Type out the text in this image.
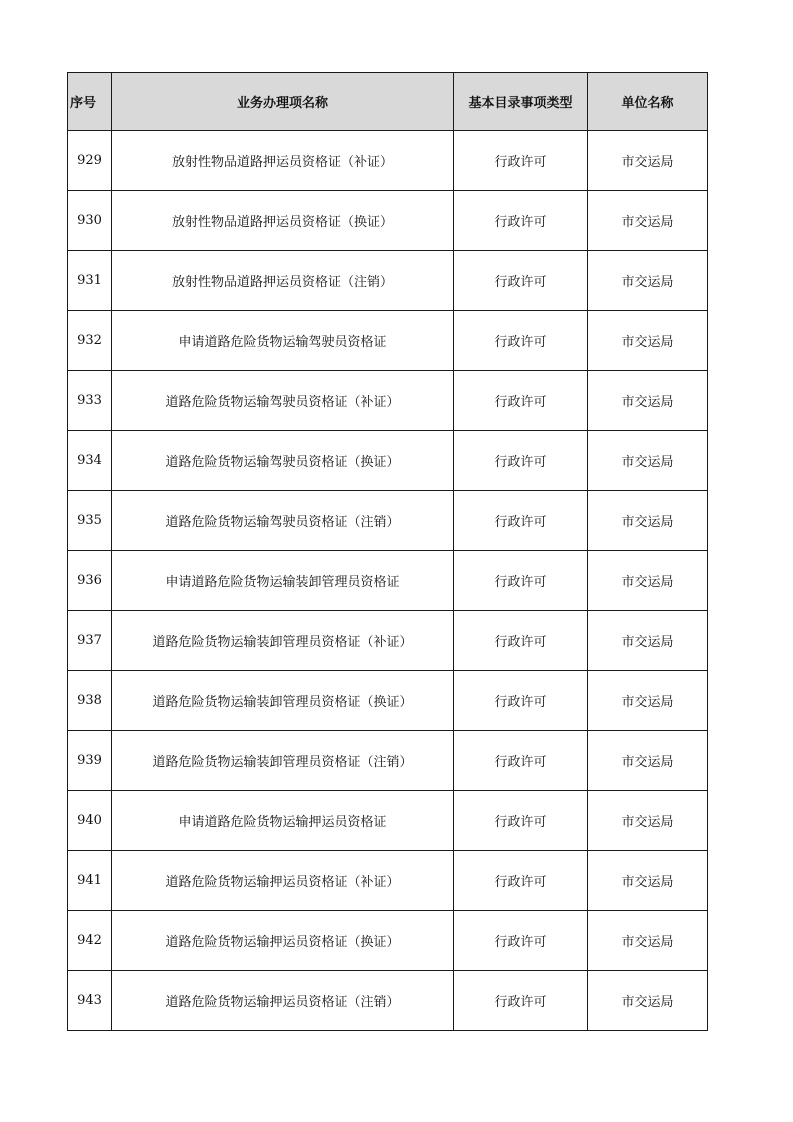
序号	业务办理项名称	基本目录事项类型	单位名称
929	放射性物品道路押运员资格证（补证）	行政许可	市交运局
930	放射性物品道路押运员资格证（换证）	行政许可	市交运局
931	放射性物品道路押运员资格证（注销）	行政许可	市交运局
932	申请道路危险货物运输驾驶员资格证	行政许可	市交运局
933	道路危险货物运输驾驶员资格证（补证）	行政许可	市交运局
934	道路危险货物运输驾驶员资格证（换证）	行政许可	市交运局
935	道路危险货物运输驾驶员资格证（注销）	行政许可	市交运局
936	申请道路危险货物运输装卸管理员资格证	行政许可	市交运局
937	道路危险货物运输装卸管理员资格证（补证）	行政许可	市交运局
938	道路危险货物运输装卸管理员资格证（换证）	行政许可	市交运局
939	道路危险货物运输装卸管理员资格证（注销）	行政许可	市交运局
940	申请道路危险货物运输押运员资格证	行政许可	市交运局
941	道路危险货物运输押运员资格证（补证）	行政许可	市交运局
942	道路危险货物运输押运员资格证（换证）	行政许可	市交运局
943	道路危险货物运输押运员资格证（注销）	行政许可	市交运局
